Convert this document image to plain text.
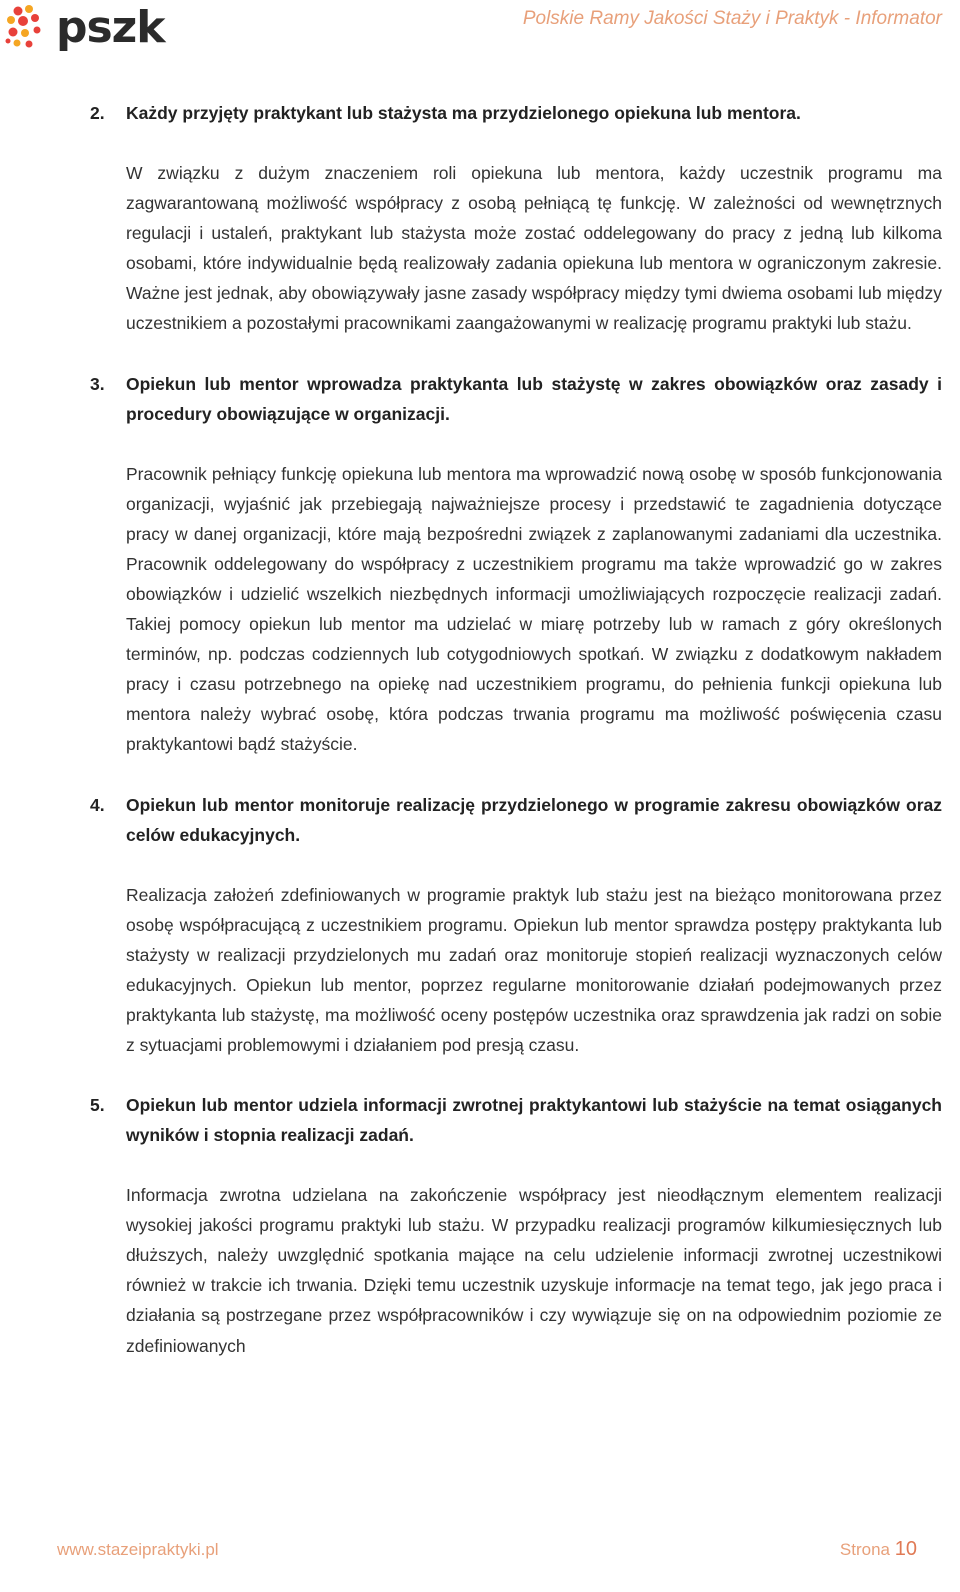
pszk	Polskie Ramy Jakości Staży i Praktyk - Informator
2.	Każdy przyjęty praktykant lub stażysta ma przydzielonego opiekuna lub mentora.

W związku z dużym znaczeniem roli opiekuna lub mentora, każdy uczestnik programu ma zagwarantowaną możliwość współpracy z osobą pełniącą tę funkcję. W zależności od wewnętrznych regulacji i ustaleń, praktykant lub stażysta może zostać oddelegowany do pracy z jedną lub kilkoma osobami, które indywidualnie będą realizowały zadania opiekuna lub mentora w ograniczonym zakresie. Ważne jest jednak, aby obowiązywały jasne zasady współpracy między tymi dwiema osobami lub między uczestnikiem a pozostałymi pracownikami zaangażowanymi w realizację programu praktyki lub stażu.

3.	Opiekun lub mentor wprowadza praktykanta lub stażystę w zakres obowiązków oraz zasady i procedury obowiązujące w organizacji.

Pracownik pełniący funkcję opiekuna lub mentora ma wprowadzić nową osobę w sposób funkcjonowania organizacji, wyjaśnić jak przebiegają najważniejsze procesy i przedstawić te zagadnienia dotyczące pracy w danej organizacji, które mają bezpośredni związek z zaplanowanymi zadaniami dla uczestnika. Pracownik oddelegowany do współpracy z uczestnikiem programu ma także wprowadzić go w zakres obowiązków i udzielić wszelkich niezbędnych informacji umożliwiających rozpoczęcie realizacji zadań. Takiej pomocy opiekun lub mentor ma udzielać w miarę potrzeby lub w ramach z góry określonych terminów, np. podczas codziennych lub cotygodniowych spotkań. W związku z dodatkowym nakładem pracy i czasu potrzebnego na opiekę nad uczestnikiem programu, do pełnienia funkcji opiekuna lub mentora należy wybrać osobę, która podczas trwania programu ma możliwość poświęcenia czasu praktykantowi bądź stażyście.

4.	Opiekun lub mentor monitoruje realizację przydzielonego w programie zakresu obowiązków oraz celów edukacyjnych.

Realizacja założeń zdefiniowanych w programie praktyk lub stażu jest na bieżąco monitorowana przez osobę współpracującą z uczestnikiem programu. Opiekun lub mentor sprawdza postępy praktykanta lub stażysty w realizacji przydzielonych mu zadań oraz monitoruje stopień realizacji wyznaczonych celów edukacyjnych. Opiekun lub mentor, poprzez regularne monitorowanie działań podejmowanych przez praktykanta lub stażystę, ma możliwość oceny postępów uczestnika oraz sprawdzenia jak radzi on sobie z sytuacjami problemowymi i działaniem pod presją czasu.

5.	Opiekun lub mentor udziela informacji zwrotnej praktykantowi lub stażyście na temat osiąganych wyników i stopnia realizacji zadań.

Informacja zwrotna udzielana na zakończenie współpracy jest nieodłącznym elementem realizacji wysokiej jakości programu praktyki lub stażu. W przypadku realizacji programów kilkumiesięcznych lub dłuższych, należy uwzględnić spotkania mające na celu udzielenie informacji zwrotnej uczestnikowi również w trakcie ich trwania. Dzięki temu uczestnik uzyskuje informacje na temat tego, jak jego praca i działania są postrzegane przez współpracowników i czy wywiązuje się on na odpowiednim poziomie ze zdefiniowanych

www.stazeipraktyki.pl	Strona 10
